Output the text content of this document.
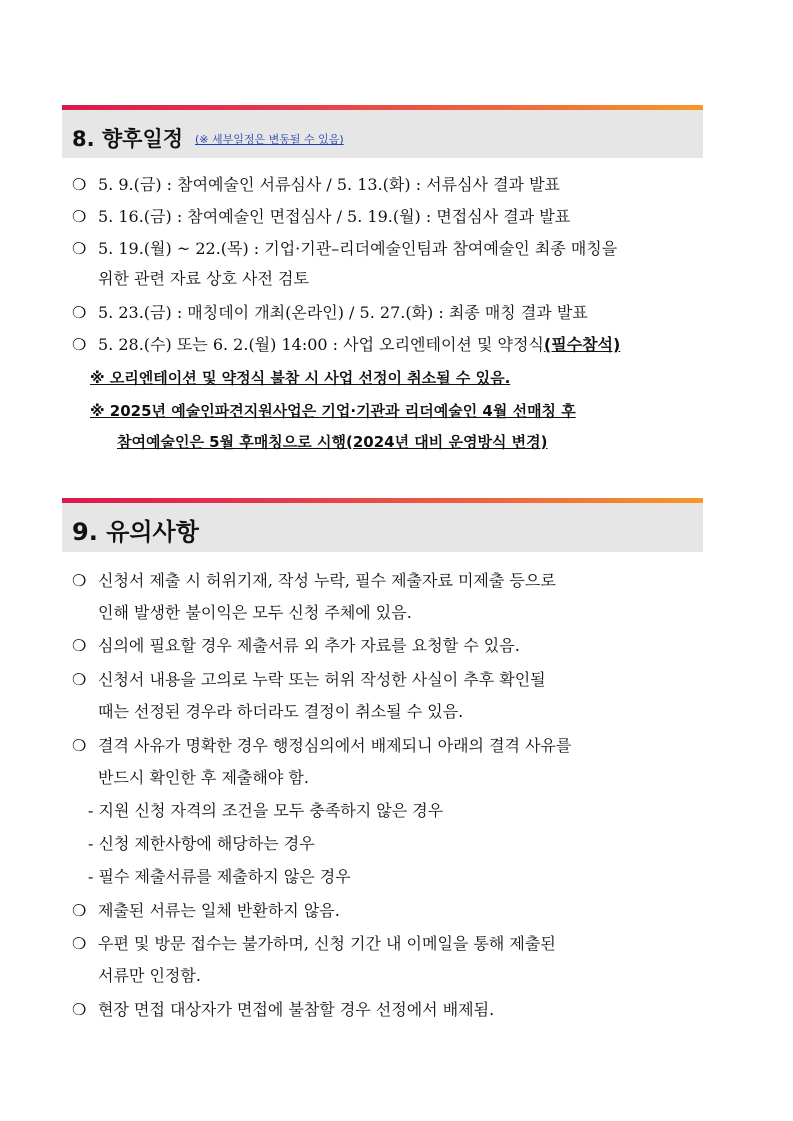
8. 향후일정 (※ 세부일정은 변동될 수 있음)
❍ 5. 9.(금) : 참여예술인 서류심사 / 5. 13.(화) : 서류심사 결과 발표
❍ 5. 16.(금) : 참여예술인 면접심사 / 5. 19.(월) : 면접심사 결과 발표
❍ 5. 19.(월) ~ 22.(목) : 기업·기관–리더예술인팀과 참여예술인 최종 매칭을
위한 관련 자료 상호 사전 검토
❍ 5. 23.(금) : 매칭데이 개최(온라인) / 5. 27.(화) : 최종 매칭 결과 발표
❍ 5. 28.(수) 또는 6. 2.(월) 14:00 : 사업 오리엔테이션 및 약정식(필수참석)
※ 오리엔테이션 및 약정식 불참 시 사업 선정이 취소될 수 있음.
※ 2025년 예술인파견지원사업은 기업·기관과 리더예술인 4월 선매칭 후
참여예술인은 5월 후매칭으로 시행(2024년 대비 운영방식 변경)
9. 유의사항
❍ 신청서 제출 시 허위기재, 작성 누락, 필수 제출자료 미제출 등으로
인해 발생한 불이익은 모두 신청 주체에 있음.
❍ 심의에 필요할 경우 제출서류 외 추가 자료를 요청할 수 있음.
❍ 신청서 내용을 고의로 누락 또는 허위 작성한 사실이 추후 확인될
때는 선정된 경우라 하더라도 결정이 취소될 수 있음.
❍ 결격 사유가 명확한 경우 행정심의에서 배제되니 아래의 결격 사유를
반드시 확인한 후 제출해야 함.
- 지원 신청 자격의 조건을 모두 충족하지 않은 경우
- 신청 제한사항에 해당하는 경우
- 필수 제출서류를 제출하지 않은 경우
❍ 제출된 서류는 일체 반환하지 않음.
❍ 우편 및 방문 접수는 불가하며, 신청 기간 내 이메일을 통해 제출된
서류만 인정함.
❍ 현장 면접 대상자가 면접에 불참할 경우 선정에서 배제됨.
